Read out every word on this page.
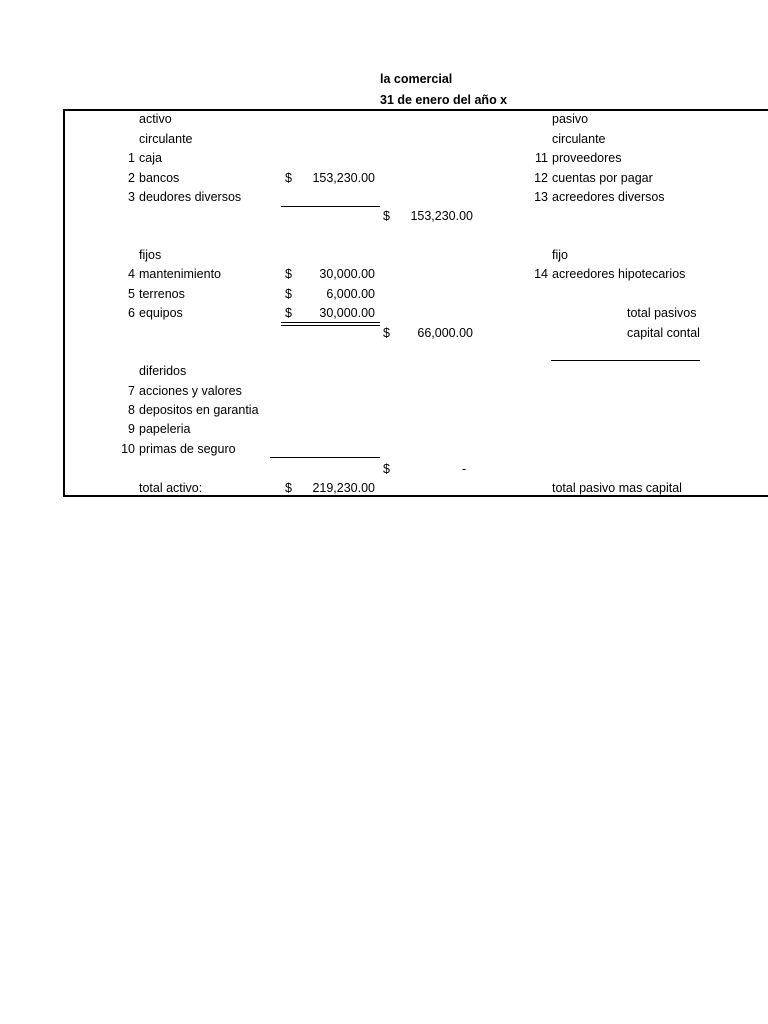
la comercial
31 de enero del año x
activo
circulante
1 caja
2 bancos	$	153,230.00
3 deudores diversos
$	153,230.00
fijos
4 mantenimiento	$	30,000.00
5 terrenos	$	6,000.00
6 equipos	$	30,000.00
$	66,000.00
diferidos
7 acciones y valores
8 depositos en garantia
9 papeleria
10 primas de seguro
$	-
total activo:	$	219,230.00
pasivo
circulante
11 proveedores
12 cuentas por pagar
13 acreedores diversos
fijo
14 acreedores hipotecarios
total pasivos
capital contal
total pasivo mas capital
